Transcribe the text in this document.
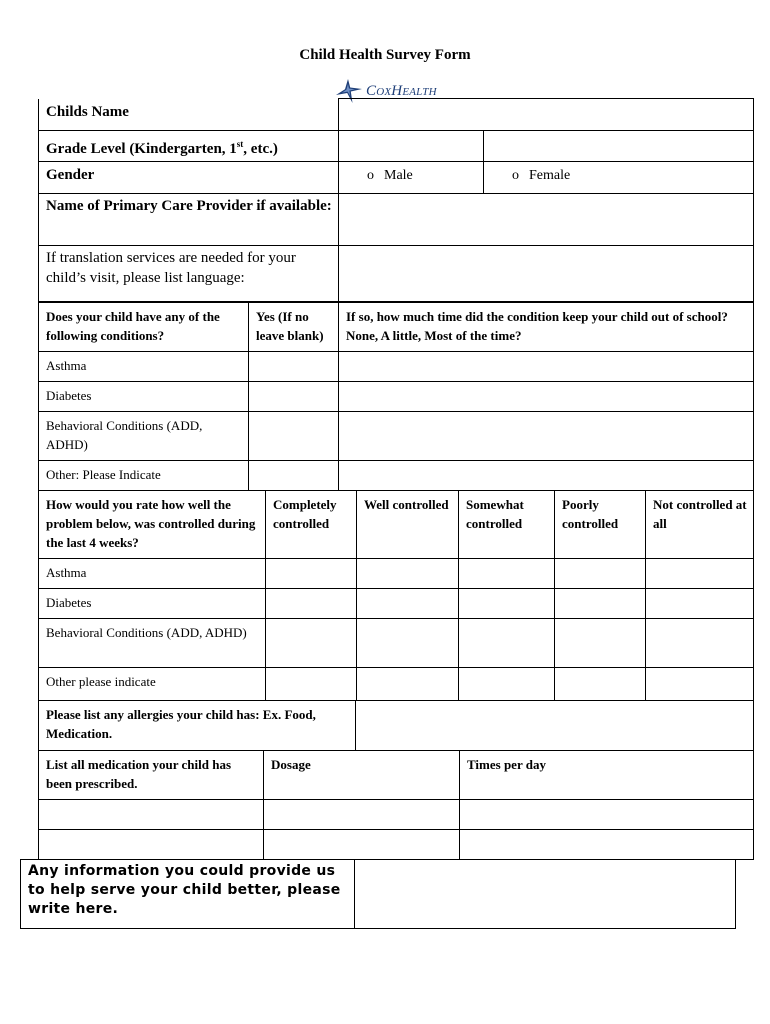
Child Health Survey Form
COXHEALTH
Childs Name		
Grade Level (Kindergarten, 1st, etc.)		
Gender	o Male	o Female
Name of Primary Care Provider if available:		
If translation services are needed for your child’s visit, please list language:		
Does your child have any of the following conditions?	Yes (If no leave blank)	If so, how much time did the condition keep your child out of school? None, A little, Most of the time?
Asthma		
Diabetes		
Behavioral Conditions (ADD, ADHD)		
Other: Please Indicate		
How would you rate how well the problem below, was controlled during the last 4 weeks?	Completely controlled	Well controlled	Somewhat controlled	Poorly controlled	Not controlled at all
Asthma					
Diabetes					
Behavioral Conditions (ADD, ADHD)					
Other please indicate					
Please list any allergies your child has: Ex. Food, Medication.	
List all medication your child has been prescribed.	Dosage	Times per day

Any information you could provide us to help serve your child better, please write here.	
